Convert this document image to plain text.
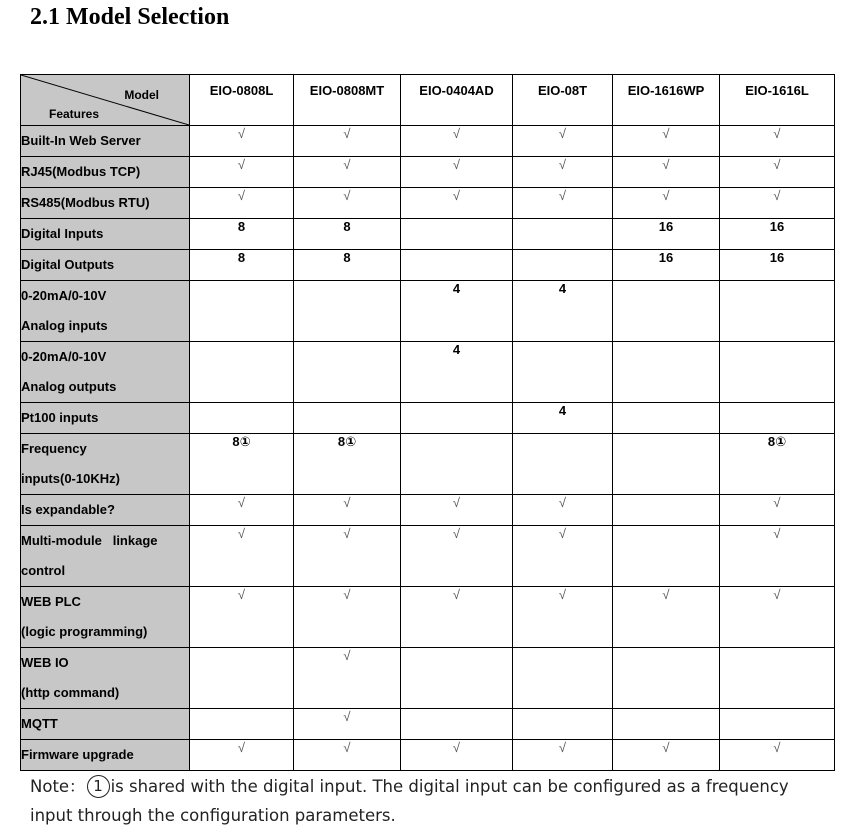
2.1 Model Selection
Model
Features	EIO-0808L	EIO-0808MT	EIO-0404AD	EIO-08T	EIO-1616WP	EIO-1616L

Built-In Web Server	√	√	√	√	√	√

RJ45(Modbus TCP)	√	√	√	√	√	√

RS485(Modbus RTU)	√	√	√	√	√	√

Digital Inputs	8	8			16	16

Digital Outputs	8	8			16	16

0-20mA/0-10V
Analog inputs			4	4		

0-20mA/0-10V
Analog outputs			4			

Pt100 inputs				4		

Frequency
inputs(0-10KHz)	8①	8①				8①

Is expandable?	√	√	√	√		√

Multi-module   linkage
control	√	√	√	√		√

WEB PLC
(logic programming)	√	√	√	√	√	√

WEB IO
(http command)		√				

MQTT		√				

Firmware upgrade	√	√	√	√	√	√

Note： 1 is shared with the digital input. The digital input can be configured as a frequency input through the configuration parameters.
